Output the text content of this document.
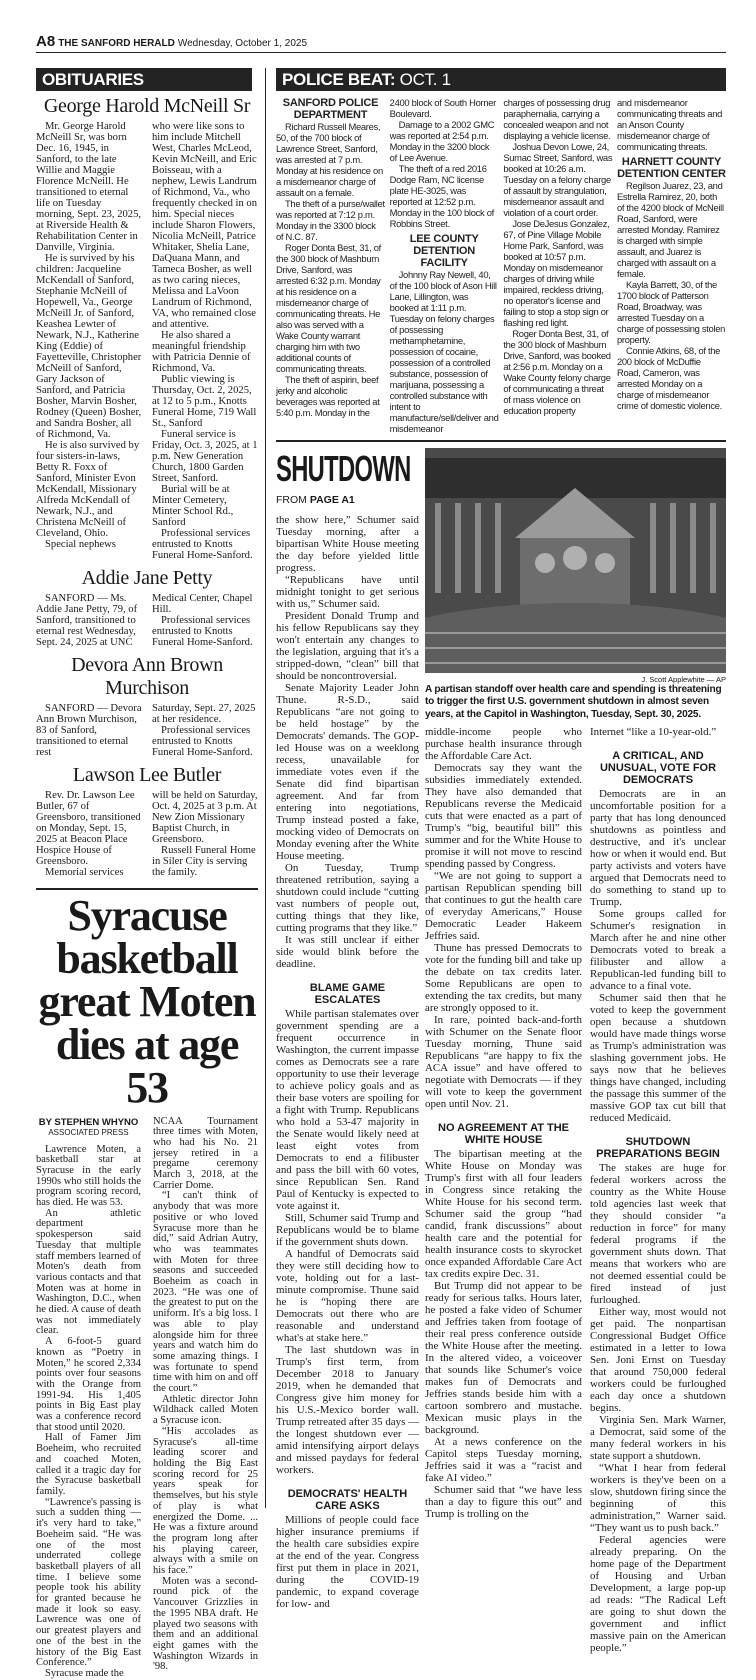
A8 THE SANFORD HERALD Wednesday, October 1, 2025
OBITUARIES	POLICE BEAT: OCT. 1
George Harold McNeill Sr

Mr. George Harold McNeill Sr, was born Dec. 16, 1945, in Sanford, to the late Willie and Maggie Florence McNeill. He transitioned to eternal life on Tuesday morning, Sept. 23, 2025, at Riverside Health & Rehabilitation Center in Danville, Virginia.

He is survived by his children: Jacqueline McKendall of Sanford, Stephanie McNeill of Hopewell, Va., George McNeill Jr. of Sanford, Keashea Lewter of Newark, N.J., Katherine King (Eddie) of Fayetteville, Christopher McNeill of Sanford, Gary Jackson of Sanford, and Patricia Bosher, Marvin Bosher, Rodney (Queen) Bosher, and Sandra Bosher, all of Richmond, Va.

He is also survived by four sisters-in-laws, Betty R. Foxx of Sanford, Minister Evon McKendall, Missionary Alfreda McKendall of Newark, N.J., and Christena McNeill of Cleveland, Ohio.

Special nephews

who were like sons to him include Mitchell West, Charles McLeod, Kevin McNeill, and Eric Boisseau, with a nephew, Lewis Landrum of Richmond, Va., who frequently checked in on him. Special nieces include Sharon Flowers, Nicolia McNeill, Patrice Whitaker, Shelia Lane, DaQuana Mann, and Tameca Bosher, as well as two caring nieces, Melissa and LaVoon Landrum of Richmond, VA, who remained close and attentive.

He also shared a meaningful friendship with Patricia Dennie of Richmond, Va.

Public viewing is Thursday, Oct. 2, 2025, at 12 to 5 p.m., Knotts Funeral Home, 719 Wall St., Sanford

Funeral service is Friday, Oct. 3, 2025, at 1 p.m. New Generation Church, 1800 Garden Street, Sanford.

Burial will be at Minter Cemetery, Minter School Rd., Sanford

Professional services entrusted to Knotts Funeral Home-Sanford.

Addie Jane Petty

SANFORD — Ms. Addie Jane Petty, 79, of Sanford, transitioned to eternal rest Wednesday, Sept. 24, 2025 at UNC

Medical Center, Chapel Hill.

Professional services entrusted to Knotts Funeral Home-Sanford.

Devora Ann Brown Murchison

SANFORD — Devora Ann Brown Murchison, 83 of Sanford, transitioned to eternal rest

Saturday, Sept. 27, 2025 at her residence.

Professional services entrusted to Knotts Funeral Home-Sanford.

Lawson Lee Butler

Rev. Dr. Lawson Lee Butler, 67 of Greensboro, transitioned on Monday, Sept. 15, 2025 at Beacon Place Hospice House of Greensboro.

Memorial services

will be held on Saturday, Oct. 4, 2025 at 3 p.m. At New Zion Missionary Baptist Church, in Greensboro.

Russell Funeral Home in Siler City is serving the family.

Syracuse basketball great Moten dies at age 53
BY STEPHEN WHYNO
ASSOCIATED PRESS

Lawrence Moten, a basketball star at Syracuse in the early 1990s who still holds the program scoring record, has died. He was 53.

An athletic department spokesperson said Tuesday that multiple staff members learned of Moten's death from various contacts and that Moten was at home in Washington, D.C., when he died. A cause of death was not immediately clear.

A 6-foot-5 guard known as “Poetry in Moten,” he scored 2,334 points over four seasons with the Orange from 1991-94. His 1,405 points in Big East play was a conference record that stood until 2020.

Hall of Famer Jim Boeheim, who recruited and coached Moten, called it a tragic day for the Syracuse basketball family.

“Lawrence's passing is such a sudden thing — it's very hard to take,” Boeheim said. “He was one of the most underrated college basketball players of all time. I believe some people took his ability for granted because he made it look so easy. Lawrence was one of our greatest players and one of the best in the history of the Big East Conference.”

Syracuse made the

NCAA Tournament three times with Moten, who had his No. 21 jersey retired in a pregame ceremony March 3, 2018, at the Carrier Dome.

“I can't think of anybody that was more positive or who loved Syracuse more than he did,” said Adrian Autry, who was teammates with Moten for three seasons and succeeded Boeheim as coach in 2023. “He was one of the greatest to put on the uniform. It's a big loss. I was able to play alongside him for three years and watch him do some amazing things. I was fortunate to spend time with him on and off the court.”

Athletic director John Wildhack called Moten a Syracuse icon.

“His accolades as Syracuse's all-time leading scorer and holding the Big East scoring record for 25 years speak for themselves, but his style of play is what energized the Dome. ... He was a fixture around the program long after his playing career, always with a smile on his face.”

Moten was a second-round pick of the Vancouver Grizzlies in the 1995 NBA draft. He played two seasons with them and an additional eight games with the Washington Wizards in '98.

SANFORD POLICE DEPARTMENT

Richard Russell Meares, 50, of the 700 block of Lawrence Street, Sanford, was arrested at 7 p.m. Monday at his residence on a misdemeanor charge of assault on a female.

The theft of a purse/wallet was reported at 7:12 p.m. Monday in the 3300 block of N.C. 87.

Roger Donta Best, 31, of the 300 block of Mashburn Drive, Sanford, was arrested 6:32 p.m. Monday at his residence on a misdemeanor charge of communicating threats. He also was served with a Wake County warrant charging him with two additional counts of communicating threats.

The theft of aspirin, beef jerky and alcoholic beverages was reported at 5:40 p.m. Monday in the

2400 block of South Horner Boulevard.

Damage to a 2002 GMC was reported at 2:54 p.m. Monday in the 3200 block of Lee Avenue.

The theft of a red 2016 Dodge Ram, NC license plate HE-3025, was reported at 12:52 p.m. Monday in the 100 block of Robbins Street.

LEE COUNTY DETENTION FACILITY

Johnny Ray Newell, 40, of the 100 block of Ason Hill Lane, Lillington, was booked at 1:11 p.m. Tuesday on felony charges of possessing methamphetamine, possession of cocaine, possession of a controlled substance, possession of marijuana, possessing a controlled substance with intent to manufacture/sell/deliver and misdemeanor

charges of possessing drug paraphernalia, carrying a concealed weapon and not displaying a vehicle license.

Joshua Devon Lowe, 24, Sumac Street, Sanford, was booked at 10:26 a.m. Tuesday on a felony charge of assault by strangulation, misdemeanor assault and violation of a court order.

Jose DeJesus Gonzalez, 67, of Pine Village Mobile Home Park, Sanford, was booked at 10:57 p.m. Monday on misdemeanor charges of driving while impaired, reckless driving, no operator's license and failing to stop a stop sign or flashing red light.

Roger Donta Best, 31, of the 300 block of Mashburn Drive, Sanford, was booked at 2:56 p.m. Monday on a Wake County felony charge of communicating a threat of mass violence on education property

and misdemeanor communicating threats and an Anson County misdemeanor charge of communicating threats.

HARNETT COUNTY DETENTION CENTER

Regilson Juarez, 23, and Estrella Ramirez, 20, both of the 4200 block of McNeill Road, Sanford, were arrested Monday. Ramirez is charged with simple assault, and Juarez is charged with assault on a female.

Kayla Barrett, 30, of the 1700 block of Patterson Road, Broadway, was arrested Tuesday on a charge of possessing stolen property.

Connie Atkins, 68, of the 200 block of McDuffie Road, Cameron, was arrested Monday on a charge of misdemeanor crime of domestic violence.

SHUTDOWN
FROM PAGE A1

the show here,” Schumer said Tuesday morning, after a bipartisan White House meeting the day before yielded little progress.

“Republicans have until midnight tonight to get serious with us,” Schumer said.

President Donald Trump and his fellow Republicans say they won't entertain any changes to the legislation, arguing that it's a stripped-down, “clean” bill that should be noncontroversial.

Senate Majority Leader John Thune. R-S.D., said Republicans “are not going to be held hostage” by the Democrats' demands. The GOP-led House was on a weeklong recess, unavailable for immediate votes even if the Senate did find bipartisan agreement. And far from entering into negotiations, Trump instead posted a fake, mocking video of Democrats on Monday evening after the White House meeting.

On Tuesday, Trump threatened retribution, saying a shutdown could include “cutting vast numbers of people out, cutting things that they like, cutting programs that they like.”

It was still unclear if either side would blink before the deadline.

BLAME GAME ESCALATES

While partisan stalemates over government spending are a frequent occurrence in Washington, the current impasse comes as Democrats see a rare opportunity to use their leverage to achieve policy goals and as their base voters are spoiling for a fight with Trump. Republicans who hold a 53-47 majority in the Senate would likely need at least eight votes from Democrats to end a filibuster and pass the bill with 60 votes, since Republican Sen. Rand Paul of Kentucky is expected to vote against it.

Still, Schumer said Trump and Republicans would be to blame if the government shuts down.

A handful of Democrats said they were still deciding how to vote, holding out for a last-minute compromise. Thune said he is “hoping there are Democrats out there who are reasonable and understand what's at stake here.”

The last shutdown was in Trump's first term, from December 2018 to January 2019, when he demanded that Congress give him money for his U.S.-Mexico border wall. Trump retreated after 35 days — the longest shutdown ever — amid intensifying airport delays and missed paydays for federal workers.

DEMOCRATS' HEALTH CARE ASKS

Millions of people could face higher insurance premiums if the health care subsidies expire at the end of the year. Congress first put them in place in 2021, during the COVID-19 pandemic, to expand coverage for low- and

J. Scott Applewhite — AP
A partisan standoff over health care and spending is threatening to trigger the first U.S. government shutdown in almost seven years, at the Capitol in Washington, Tuesday, Sept. 30, 2025.

middle-income people who purchase health insurance through the Affordable Care Act.

Democrats say they want the subsidies immediately extended. They have also demanded that Republicans reverse the Medicaid cuts that were enacted as a part of Trump's “big, beautiful bill” this summer and for the White House to promise it will not move to rescind spending passed by Congress.

“We are not going to support a partisan Republican spending bill that continues to gut the health care of everyday Americans,” House Democratic Leader Hakeem Jeffries said.

Thune has pressed Democrats to vote for the funding bill and take up the debate on tax credits later. Some Republicans are open to extending the tax credits, but many are strongly opposed to it.

In rare, pointed back-and-forth with Schumer on the Senate floor Tuesday morning, Thune said Republicans “are happy to fix the ACA issue” and have offered to negotiate with Democrats — if they will vote to keep the government open until Nov. 21.

NO AGREEMENT AT THE WHITE HOUSE

The bipartisan meeting at the White House on Monday was Trump's first with all four leaders in Congress since retaking the White House for his second term. Schumer said the group “had candid, frank discussions” about health care and the potential for health insurance costs to skyrocket once expanded Affordable Care Act tax credits expire Dec. 31.

But Trump did not appear to be ready for serious talks. Hours later, he posted a fake video of Schumer and Jeffries taken from footage of their real press conference outside the White House after the meeting. In the altered video, a voiceover that sounds like Schumer's voice makes fun of Democrats and Jeffries stands beside him with a cartoon sombrero and mustache. Mexican music plays in the background.

At a news conference on the Capitol steps Tuesday morning, Jeffries said it was a “racist and fake AI video.”

Schumer said that “we have less than a day to figure this out” and Trump is trolling on the

Internet “like a 10-year-old.”

A CRITICAL, AND UNUSUAL, VOTE FOR DEMOCRATS

Democrats are in an uncomfortable position for a party that has long denounced shutdowns as pointless and destructive, and it's unclear how or when it would end. But party activists and voters have argued that Democrats need to do something to stand up to Trump.

Some groups called for Schumer's resignation in March after he and nine other Democrats voted to break a filibuster and allow a Republican-led funding bill to advance to a final vote.

Schumer said then that he voted to keep the government open because a shutdown would have made things worse as Trump's administration was slashing government jobs. He says now that he believes things have changed, including the passage this summer of the massive GOP tax cut bill that reduced Medicaid.

SHUTDOWN PREPARATIONS BEGIN

The stakes are huge for federal workers across the country as the White House told agencies last week that they should consider “a reduction in force” for many federal programs if the government shuts down. That means that workers who are not deemed essential could be fired instead of just furloughed.

Either way, most would not get paid. The nonpartisan Congressional Budget Office estimated in a letter to Iowa Sen. Joni Ernst on Tuesday that around 750,000 federal workers could be furloughed each day once a shutdown begins.

Virginia Sen. Mark Warner, a Democrat, said some of the many federal workers in his state support a shutdown.

“What I hear from federal workers is they've been on a slow, shutdown firing since the beginning of this administration,” Warner said. “They want us to push back.”

Federal agencies were already preparing. On the home page of the Department of Housing and Urban Development, a large pop-up ad reads: “The Radical Left are going to shut down the government and inflict massive pain on the American people.”
